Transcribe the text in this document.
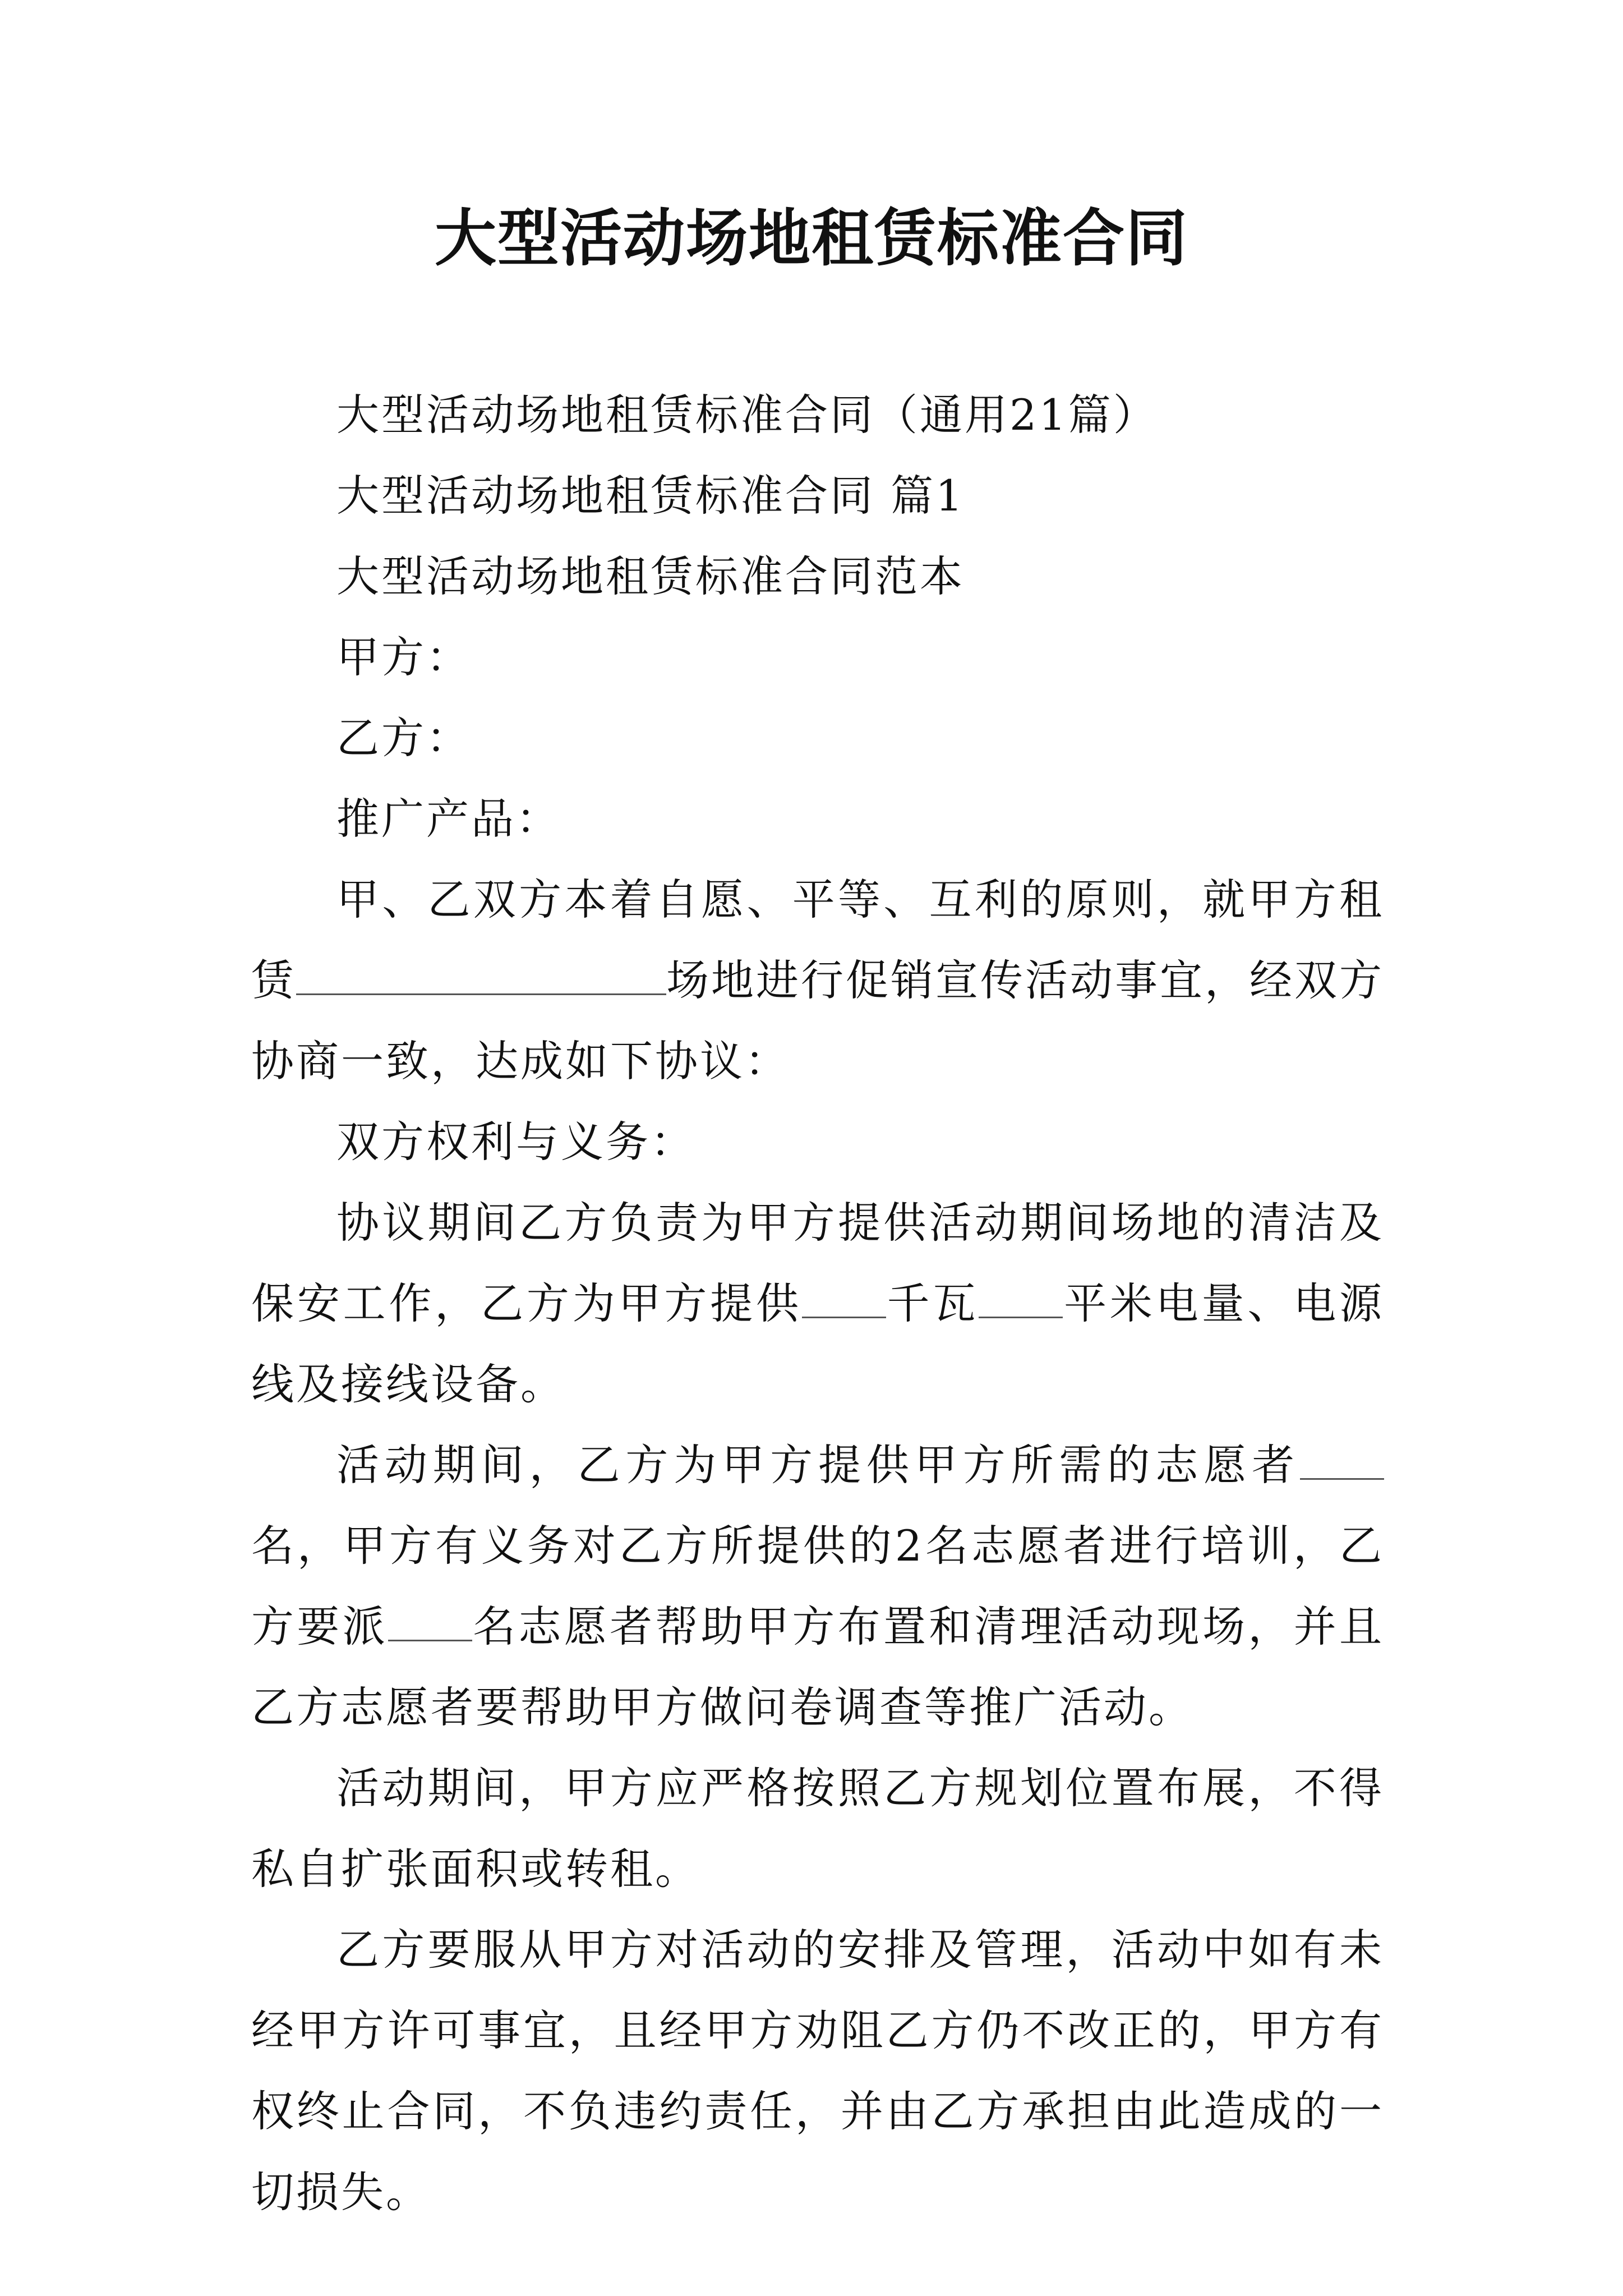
大型活动场地租赁标准合同

大型活动场地租赁标准合同（通用21篇）

大型活动场地租赁标准合同 篇1

大型活动场地租赁标准合同范本

甲方：

乙方：

推广产品：

甲、乙双方本着自愿、平等、互利的原则，就甲方租赁	场地进行促销宣传活动事宜，经双方协商一致，达成如下协议：

双方权利与义务：

协议期间乙方负责为甲方提供活动期间场地的清洁及保安工作，乙方为甲方提供 千瓦 平米电量、电源线及接线设备。

活动期间，乙方为甲方提供甲方所需的志愿者名，甲方有义务对乙方所提供的2名志愿者进行培训，乙方要派 名志愿者帮助甲方布置和清理活动现场，并且乙方志愿者要帮助甲方做问卷调查等推广活动。

活动期间，甲方应严格按照乙方规划位置布展，不得私自扩张面积或转租。

乙方要服从甲方对活动的安排及管理，活动中如有未经甲方许可事宜，且经甲方劝阻乙方仍不改正的，甲方有权终止合同，不负违约责任，并由乙方承担由此造成的一切损失。
